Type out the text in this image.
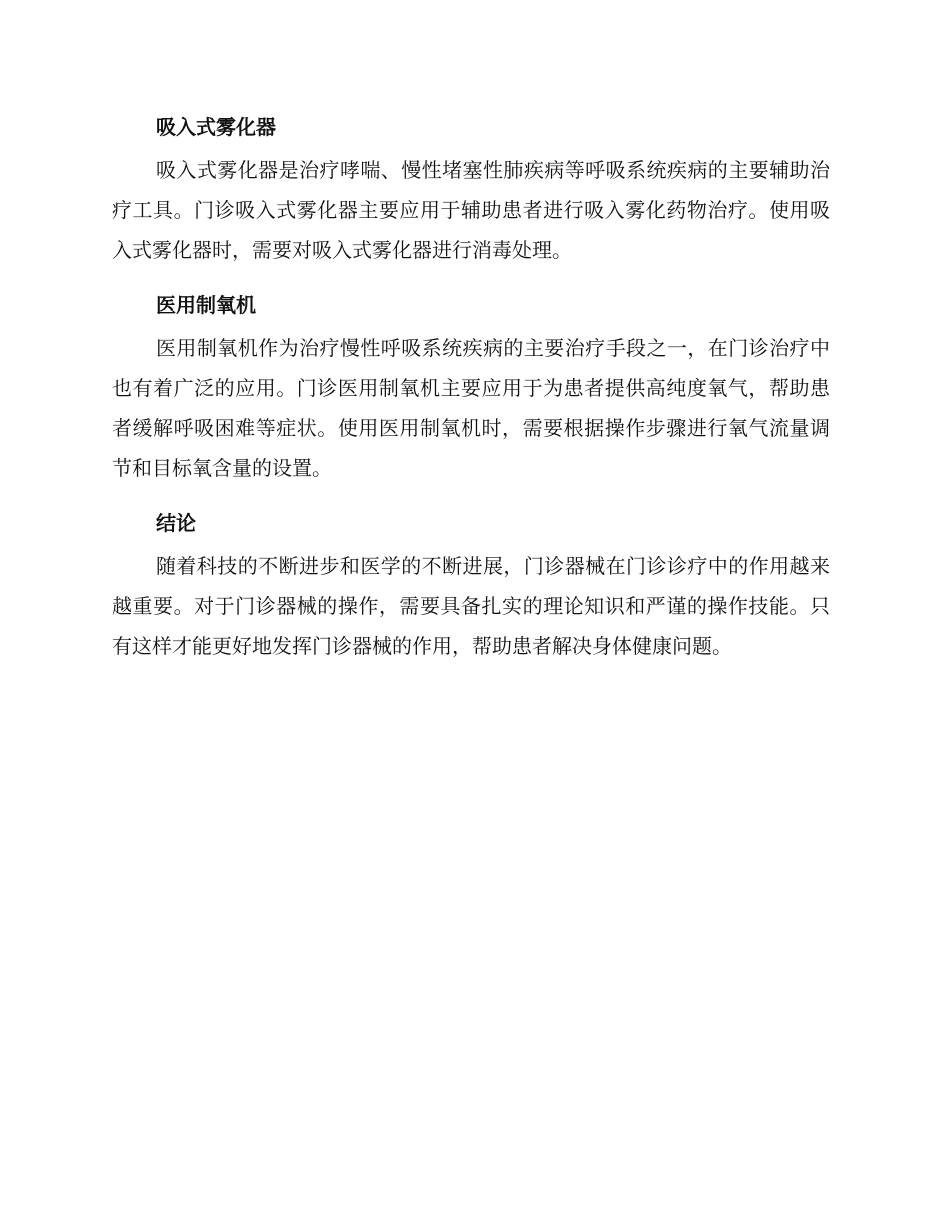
吸入式雾化器

吸入式雾化器是治疗哮喘、慢性堵塞性肺疾病等呼吸系统疾病的主要辅助治疗工具。门诊吸入式雾化器主要应用于辅助患者进行吸入雾化药物治疗。使用吸入式雾化器时，需要对吸入式雾化器进行消毒处理。

医用制氧机

医用制氧机作为治疗慢性呼吸系统疾病的主要治疗手段之一，在门诊治疗中也有着广泛的应用。门诊医用制氧机主要应用于为患者提供高纯度氧气，帮助患者缓解呼吸困难等症状。使用医用制氧机时，需要根据操作步骤进行氧气流量调节和目标氧含量的设置。

结论

随着科技的不断进步和医学的不断进展，门诊器械在门诊诊疗中的作用越来越重要。对于门诊器械的操作，需要具备扎实的理论知识和严谨的操作技能。只有这样才能更好地发挥门诊器械的作用，帮助患者解决身体健康问题。
